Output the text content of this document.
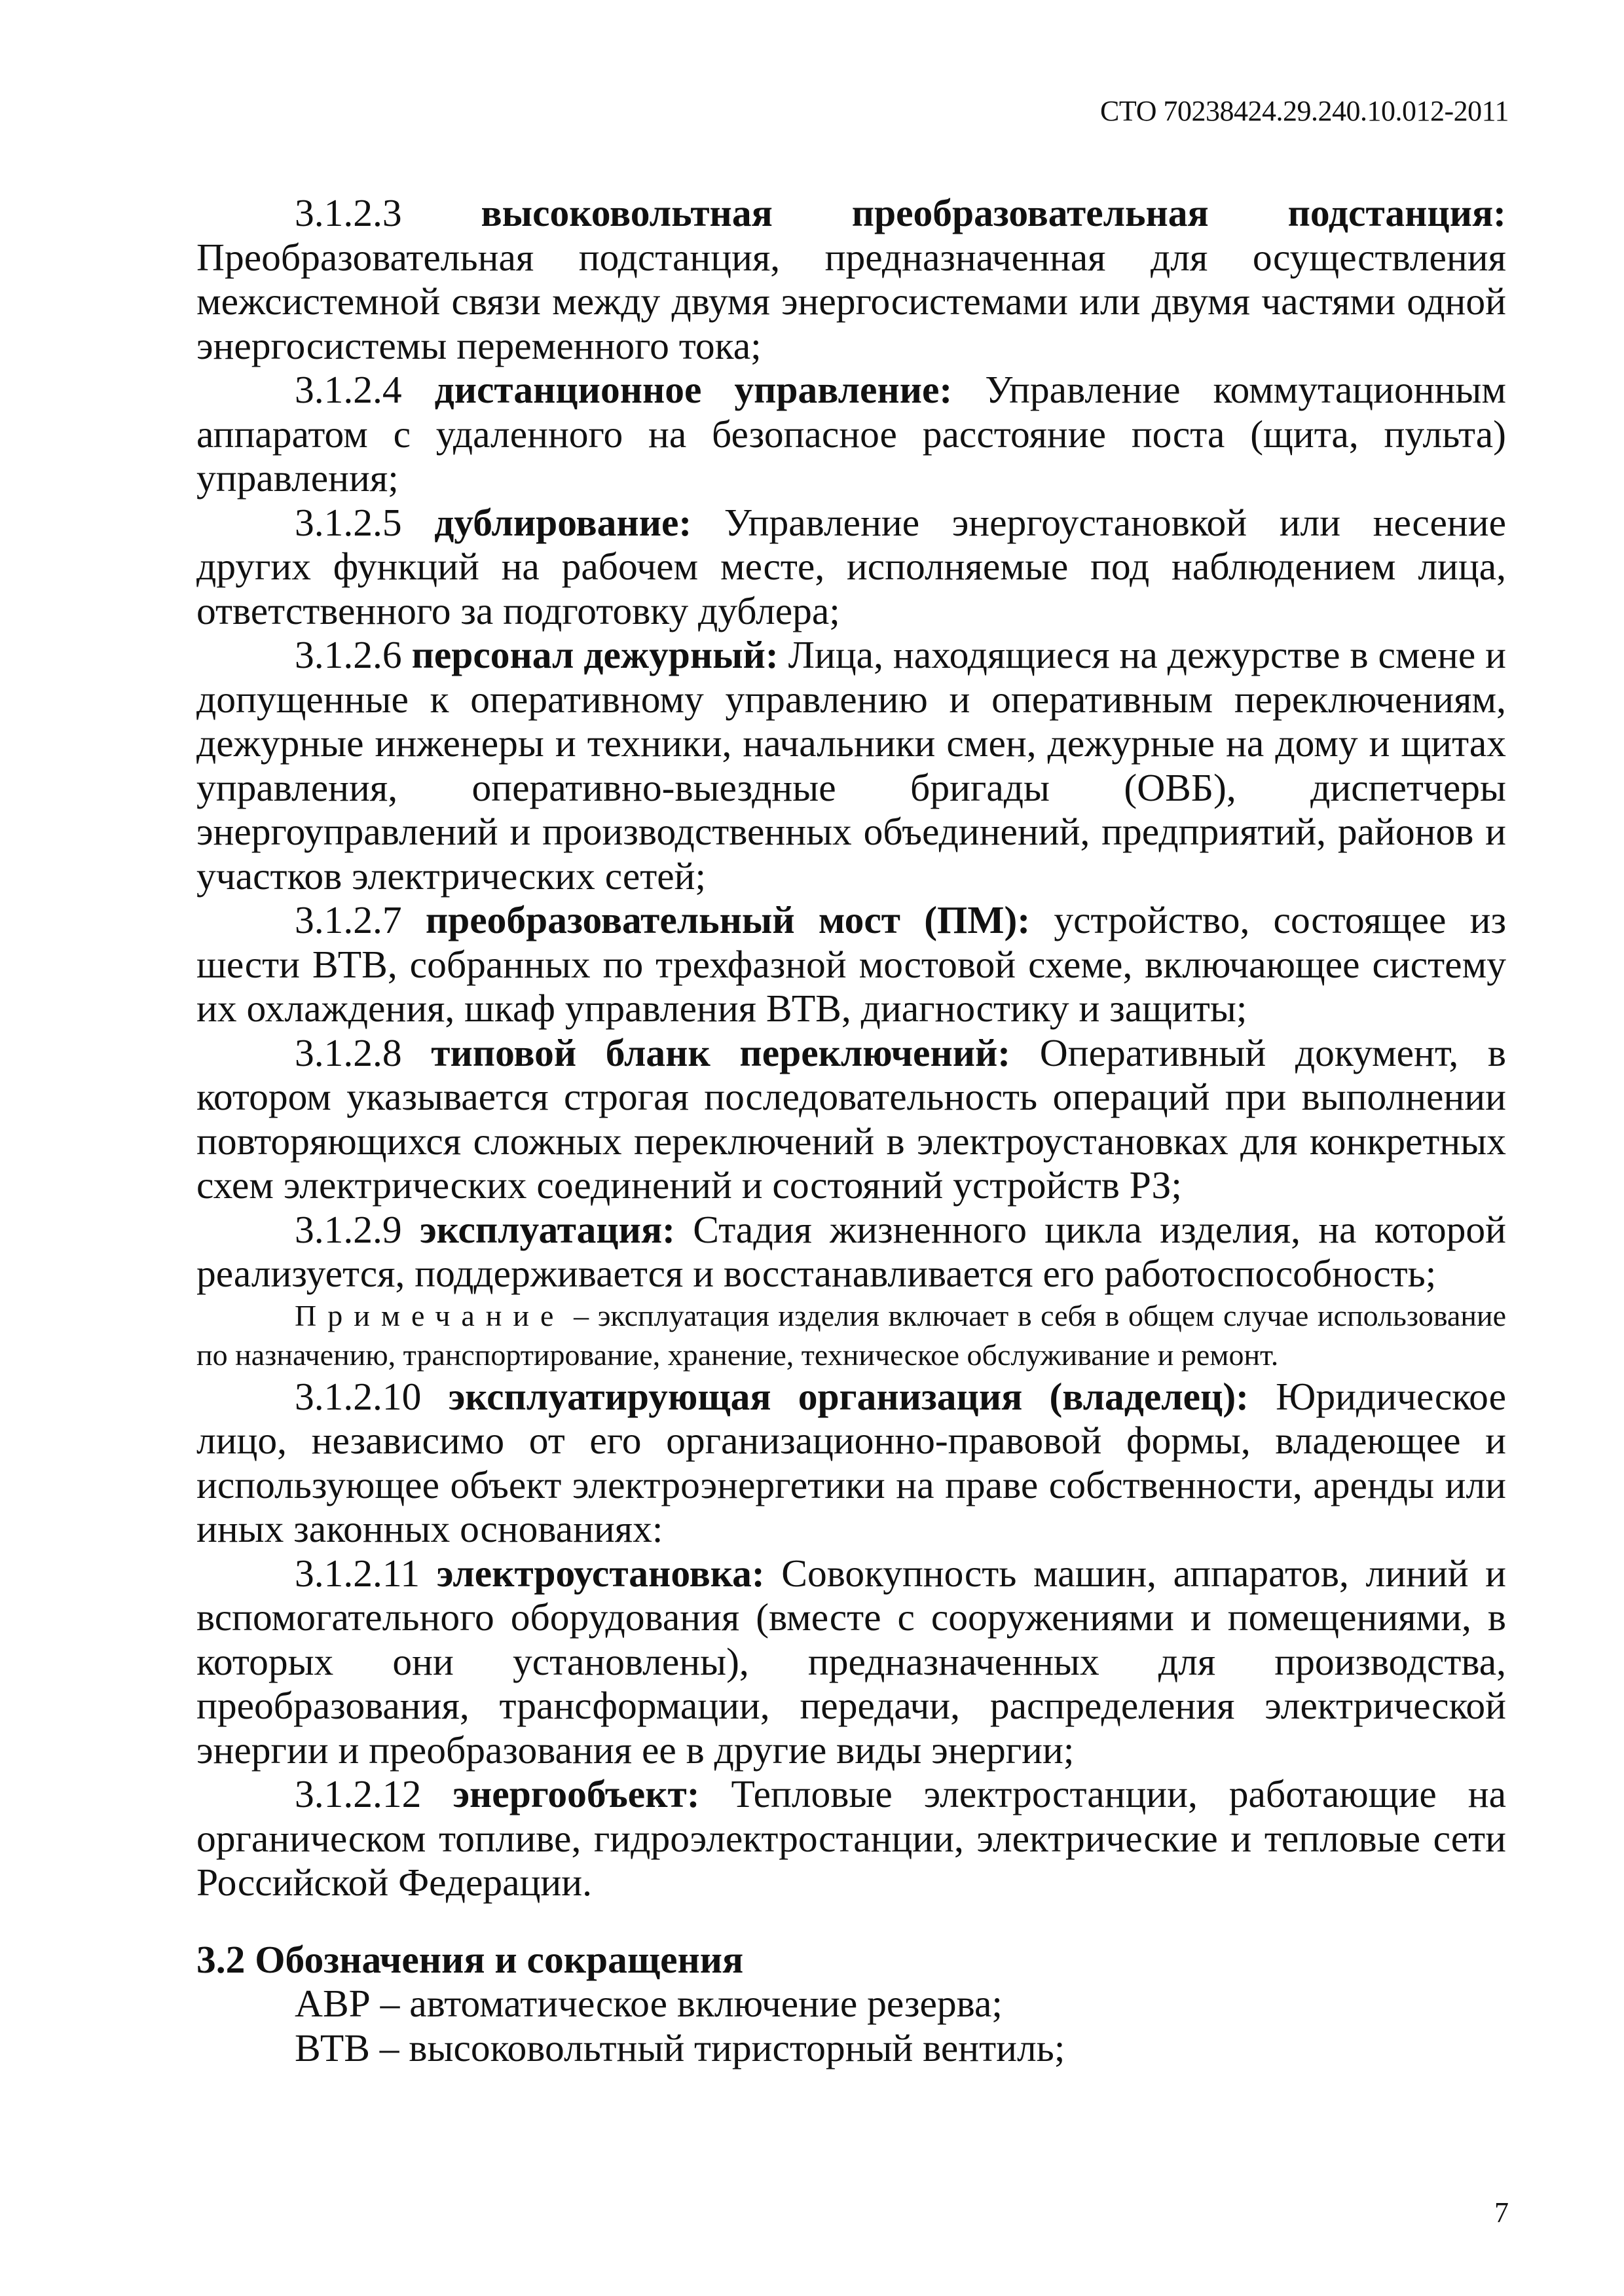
СТО 70238424.29.240.10.012-2011

3.1.2.3 высоковольтная преобразовательная подстанция: Преобразовательная подстанция, предназначенная для осуществления межсистемной связи между двумя энергосистемами или двумя частями одной энергосистемы переменного тока;

3.1.2.4 дистанционное управление: Управление коммутационным аппаратом с удаленного на безопасное расстояние поста (щита, пульта) управления;

3.1.2.5 дублирование: Управление энергоустановкой или несение других функций на рабочем месте, исполняемые под наблюдением лица, ответственного за подготовку дублера;

3.1.2.6 персонал дежурный: Лица, находящиеся на дежурстве в смене и допущенные к оперативному управлению и оперативным переключениям, дежурные инженеры и техники, начальники смен, дежурные на дому и щитах управления, оперативно-выездные бригады (ОВБ), диспетчеры энергоуправлений и производственных объединений, предприятий, районов и участков электрических сетей;

3.1.2.7 преобразовательный мост (ПМ): устройство, состоящее из шести ВТВ, собранных по трехфазной мостовой схеме, включающее систему их охлаждения, шкаф управления ВТВ, диагностику и защиты;

3.1.2.8 типовой бланк переключений: Оперативный документ, в котором указывается строгая последовательность операций при выполнении повторяющихся сложных переключений в электроустановках для конкретных схем электрических соединений и состояний устройств РЗ;

3.1.2.9 эксплуатация: Стадия жизненного цикла изделия, на которой реализуется, поддерживается и восстанавливается его работоспособность;

Примечание – эксплуатация изделия включает в себя в общем случае использование по назначению, транспортирование, хранение, техническое обслуживание и ремонт.

3.1.2.10 эксплуатирующая организация (владелец): Юридическое лицо, независимо от его организационно-правовой формы, владеющее и использующее объект электроэнергетики на праве собственности, аренды или иных законных основаниях:

3.1.2.11 электроустановка: Совокупность машин, аппаратов, линий и вспомогательного оборудования (вместе с сооружениями и помещениями, в которых они установлены), предназначенных для производства, преобразования, трансформации, передачи, распределения электрической энергии и преобразования ее в другие виды энергии;

3.1.2.12 энергообъект: Тепловые электростанции, работающие на органическом топливе, гидроэлектростанции, электрические и тепловые сети Российской Федерации.

3.2 Обозначения и сокращения

АВР – автоматическое включение резерва;

ВТВ – высоковольтный тиристорный вентиль;

7
